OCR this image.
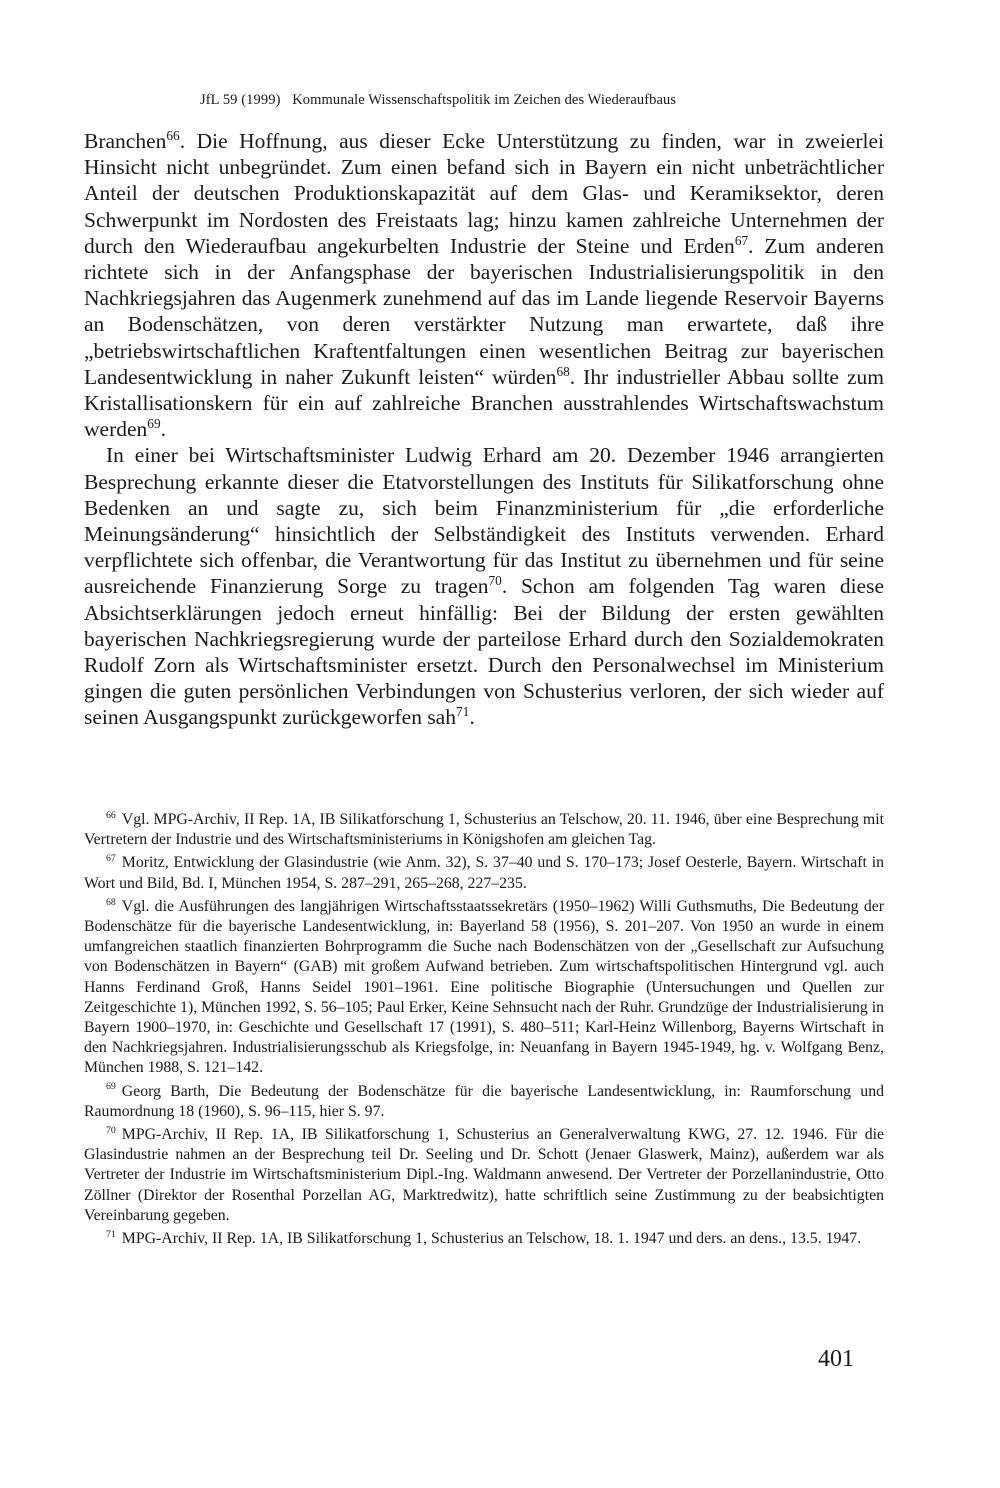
JfL 59 (1999) Kommunale Wissenschaftspolitik im Zeichen des Wiederaufbaus

Branchen$^{66}$. Die Hoffnung, aus dieser Ecke Unterstützung zu finden, war in zweierlei Hinsicht nicht unbegründet. Zum einen befand sich in Bayern ein nicht unbeträchtlicher Anteil der deutschen Produktionskapazität auf dem Glas- und Keramiksektor, deren Schwerpunkt im Nordosten des Freistaats lag; hinzu kamen zahlreiche Unternehmen der durch den Wiederaufbau angekurbelten Industrie der Steine und Erden$^{67}$. Zum anderen richtete sich in der Anfangsphase der bayerischen Industrialisierungspolitik in den Nachkriegsjahren das Augenmerk zunehmend auf das im Lande liegende Reservoir Bayerns an Bodenschätzen, von deren verstärkter Nutzung man erwartete, daß ihre „betriebswirtschaftlichen Kraftentfaltungen einen wesentlichen Beitrag zur bayerischen Landesentwicklung in naher Zukunft leisten“ würden$^{68}$. Ihr industrieller Abbau sollte zum Kristallisationskern für ein auf zahlreiche Branchen ausstrahlendes Wirtschaftswachstum werden$^{69}$.

In einer bei Wirtschaftsminister Ludwig Erhard am 20. Dezember 1946 arrangierten Besprechung erkannte dieser die Etatvorstellungen des Instituts für Silikatforschung ohne Bedenken an und sagte zu, sich beim Finanzministerium für „die erforderliche Meinungsänderung“ hinsichtlich der Selbständigkeit des Instituts verwenden. Erhard verpflichtete sich offenbar, die Verantwortung für das Institut zu übernehmen und für seine ausreichende Finanzierung Sorge zu tragen$^{70}$. Schon am folgenden Tag waren diese Absichtserklärungen jedoch erneut hinfällig: Bei der Bildung der ersten gewählten bayerischen Nachkriegsregierung wurde der parteilose Erhard durch den Sozialdemokraten Rudolf Zorn als Wirtschaftsminister ersetzt. Durch den Personalwechsel im Ministerium gingen die guten persönlichen Verbindungen von Schusterius verloren, der sich wieder auf seinen Ausgangspunkt zurückgeworfen sah$^{71}$.

$^{66}$ Vgl. MPG-Archiv, II Rep. 1A, IB Silikatforschung 1, Schusterius an Telschow, 20. 11. 1946, über eine Besprechung mit Vertretern der Industrie und des Wirtschaftsministeriums in Königshofen am gleichen Tag.

$^{67}$ Moritz, Entwicklung der Glasindustrie (wie Anm. 32), S. 37–40 und S. 170–173; Josef Oesterle, Bayern. Wirtschaft in Wort und Bild, Bd. I, München 1954, S. 287–291, 265–268, 227–235.

$^{68}$ Vgl. die Ausführungen des langjährigen Wirtschaftsstaatssekretärs (1950–1962) Willi Guthsmuths, Die Bedeutung der Bodenschätze für die bayerische Landesentwicklung, in: Bayerland 58 (1956), S. 201–207. Von 1950 an wurde in einem umfangreichen staatlich finanzierten Bohrprogramm die Suche nach Bodenschätzen von der „Gesellschaft zur Aufsuchung von Bodenschätzen in Bayern“ (GAB) mit großem Aufwand betrieben. Zum wirtschaftspolitischen Hintergrund vgl. auch Hanns Ferdinand Groß, Hanns Seidel 1901–1961. Eine politische Biographie (Untersuchungen und Quellen zur Zeitgeschichte 1), München 1992, S. 56–105; Paul Erker, Keine Sehnsucht nach der Ruhr. Grundzüge der Industrialisierung in Bayern 1900–1970, in: Geschichte und Gesellschaft 17 (1991), S. 480–511; Karl-Heinz Willenborg, Bayerns Wirtschaft in den Nachkriegsjahren. Industrialisierungsschub als Kriegsfolge, in: Neuanfang in Bayern 1945-1949, hg. v. Wolfgang Benz, München 1988, S. 121–142.

$^{69}$ Georg Barth, Die Bedeutung der Bodenschätze für die bayerische Landesentwicklung, in: Raumforschung und Raumordnung 18 (1960), S. 96–115, hier S. 97.

$^{70}$ MPG-Archiv, II Rep. 1A, IB Silikatforschung 1, Schusterius an Generalverwaltung KWG, 27. 12. 1946. Für die Glasindustrie nahmen an der Besprechung teil Dr. Seeling und Dr. Schott (Jenaer Glaswerk, Mainz), außerdem war als Vertreter der Industrie im Wirtschaftsministerium Dipl.-Ing. Waldmann anwesend. Der Vertreter der Porzellanindustrie, Otto Zöllner (Direktor der Rosenthal Porzellan AG, Marktredwitz), hatte schriftlich seine Zustimmung zu der beabsichtigten Vereinbarung gegeben.

$^{71}$ MPG-Archiv, II Rep. 1A, IB Silikatforschung 1, Schusterius an Telschow, 18. 1. 1947 und ders. an dens., 13.5. 1947.

401
